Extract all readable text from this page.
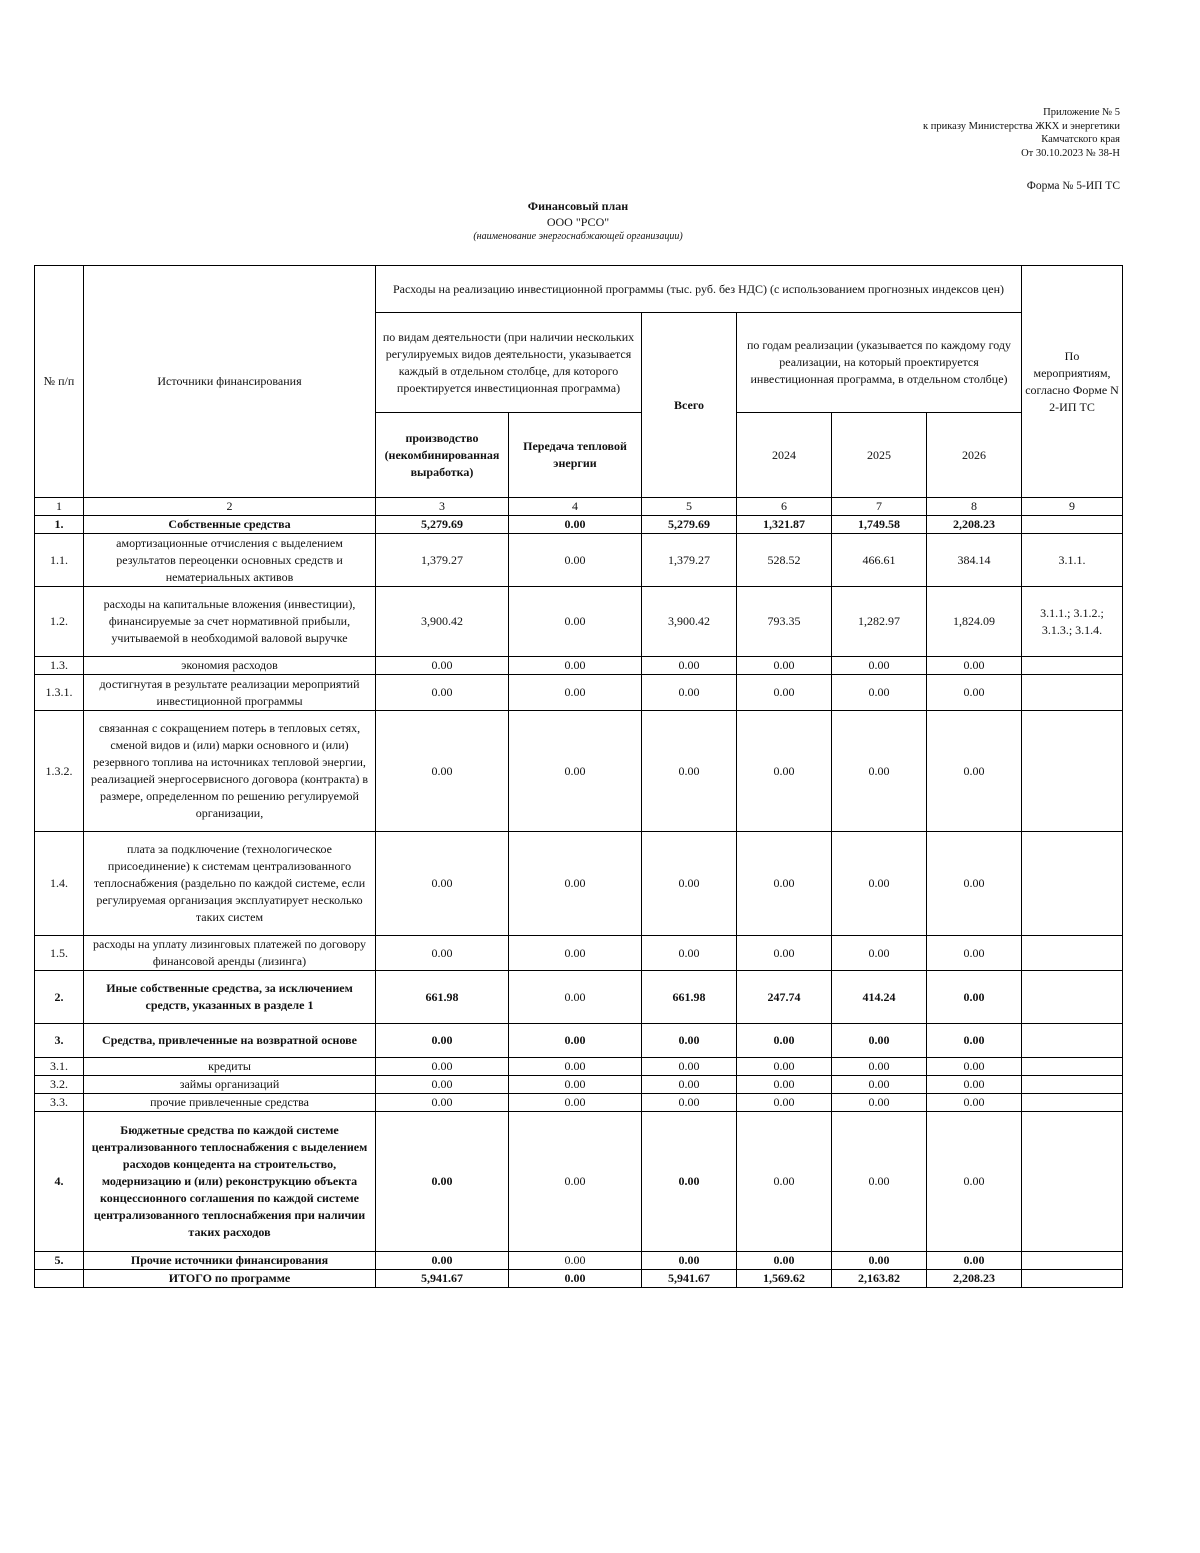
Приложение № 5
к приказу Министерства ЖКХ и энергетики
Камчатского края
От 30.10.2023 № 38-Н
Форма № 5-ИП ТС
Финансовый план
ООО "РСО"
(наименование энергоснабжающей организации)
№ п/п	Источники финансирования	Расходы на реализацию инвестиционной программы (тыс. руб. без НДС) (с использованием прогнозных индексов цен)						По мероприятиям, согласно Форме N 2-ИП ТС
		по видам деятельности (при наличии нескольких регулируемых видов деятельности, указывается каждый в отдельном столбце, для которого проектируется инвестиционная программа)		Всего	по годам реализации (указывается по каждому году реализации, на который проектируется инвестиционная программа, в отдельном столбце)			
		производство (некомбинированная выработка)	Передача тепловой энергии		2024	2025	2026	
1	2	3	4	5	6	7	8	9
1.	Собственные средства	5,279.69	0.00	5,279.69	1,321.87	1,749.58	2,208.23	
1.1.	амортизационные отчисления с выделением результатов переоценки основных средств и нематериальных активов	1,379.27	0.00	1,379.27	528.52	466.61	384.14	3.1.1.
1.2.	расходы на капитальные вложения (инвестиции), финансируемые за счет нормативной прибыли, учитываемой в необходимой валовой выручке	3,900.42	0.00	3,900.42	793.35	1,282.97	1,824.09	3.1.1.; 3.1.2.; 3.1.3.; 3.1.4.
1.3.	экономия расходов	0.00	0.00	0.00	0.00	0.00	0.00	
1.3.1.	достигнутая в результате реализации мероприятий инвестиционной программы	0.00	0.00	0.00	0.00	0.00	0.00	
1.3.2.	связанная с сокращением потерь в тепловых сетях, сменой видов и (или) марки основного и (или) резервного топлива на источниках тепловой энергии, реализацией энергосервисного договора (контракта) в размере, определенном по решению регулируемой организации,	0.00	0.00	0.00	0.00	0.00	0.00	
1.4.	плата за подключение (технологическое присоединение) к системам централизованного теплоснабжения (раздельно по каждой системе, если регулируемая организация эксплуатирует несколько таких систем	0.00	0.00	0.00	0.00	0.00	0.00	
1.5.	расходы на уплату лизинговых платежей по договору финансовой аренды (лизинга)	0.00	0.00	0.00	0.00	0.00	0.00	
2.	Иные собственные средства, за исключением средств, указанных в разделе 1	661.98	0.00	661.98	247.74	414.24	0.00	
3.	Средства, привлеченные на возвратной основе	0.00	0.00	0.00	0.00	0.00	0.00	
3.1.	кредиты	0.00	0.00	0.00	0.00	0.00	0.00	
3.2.	займы организаций	0.00	0.00	0.00	0.00	0.00	0.00	
3.3.	прочие привлеченные средства	0.00	0.00	0.00	0.00	0.00	0.00	
4.	Бюджетные средства по каждой системе централизованного теплоснабжения с выделением расходов концедента на строительство, модернизацию и (или) реконструкцию объекта концессионного соглашения по каждой системе централизованного теплоснабжения при наличии таких расходов	0.00	0.00	0.00	0.00	0.00	0.00	
5.	Прочие источники финансирования	0.00	0.00	0.00	0.00	0.00	0.00	
	ИТОГО по программе	5,941.67	0.00	5,941.67	1,569.62	2,163.82	2,208.23	
